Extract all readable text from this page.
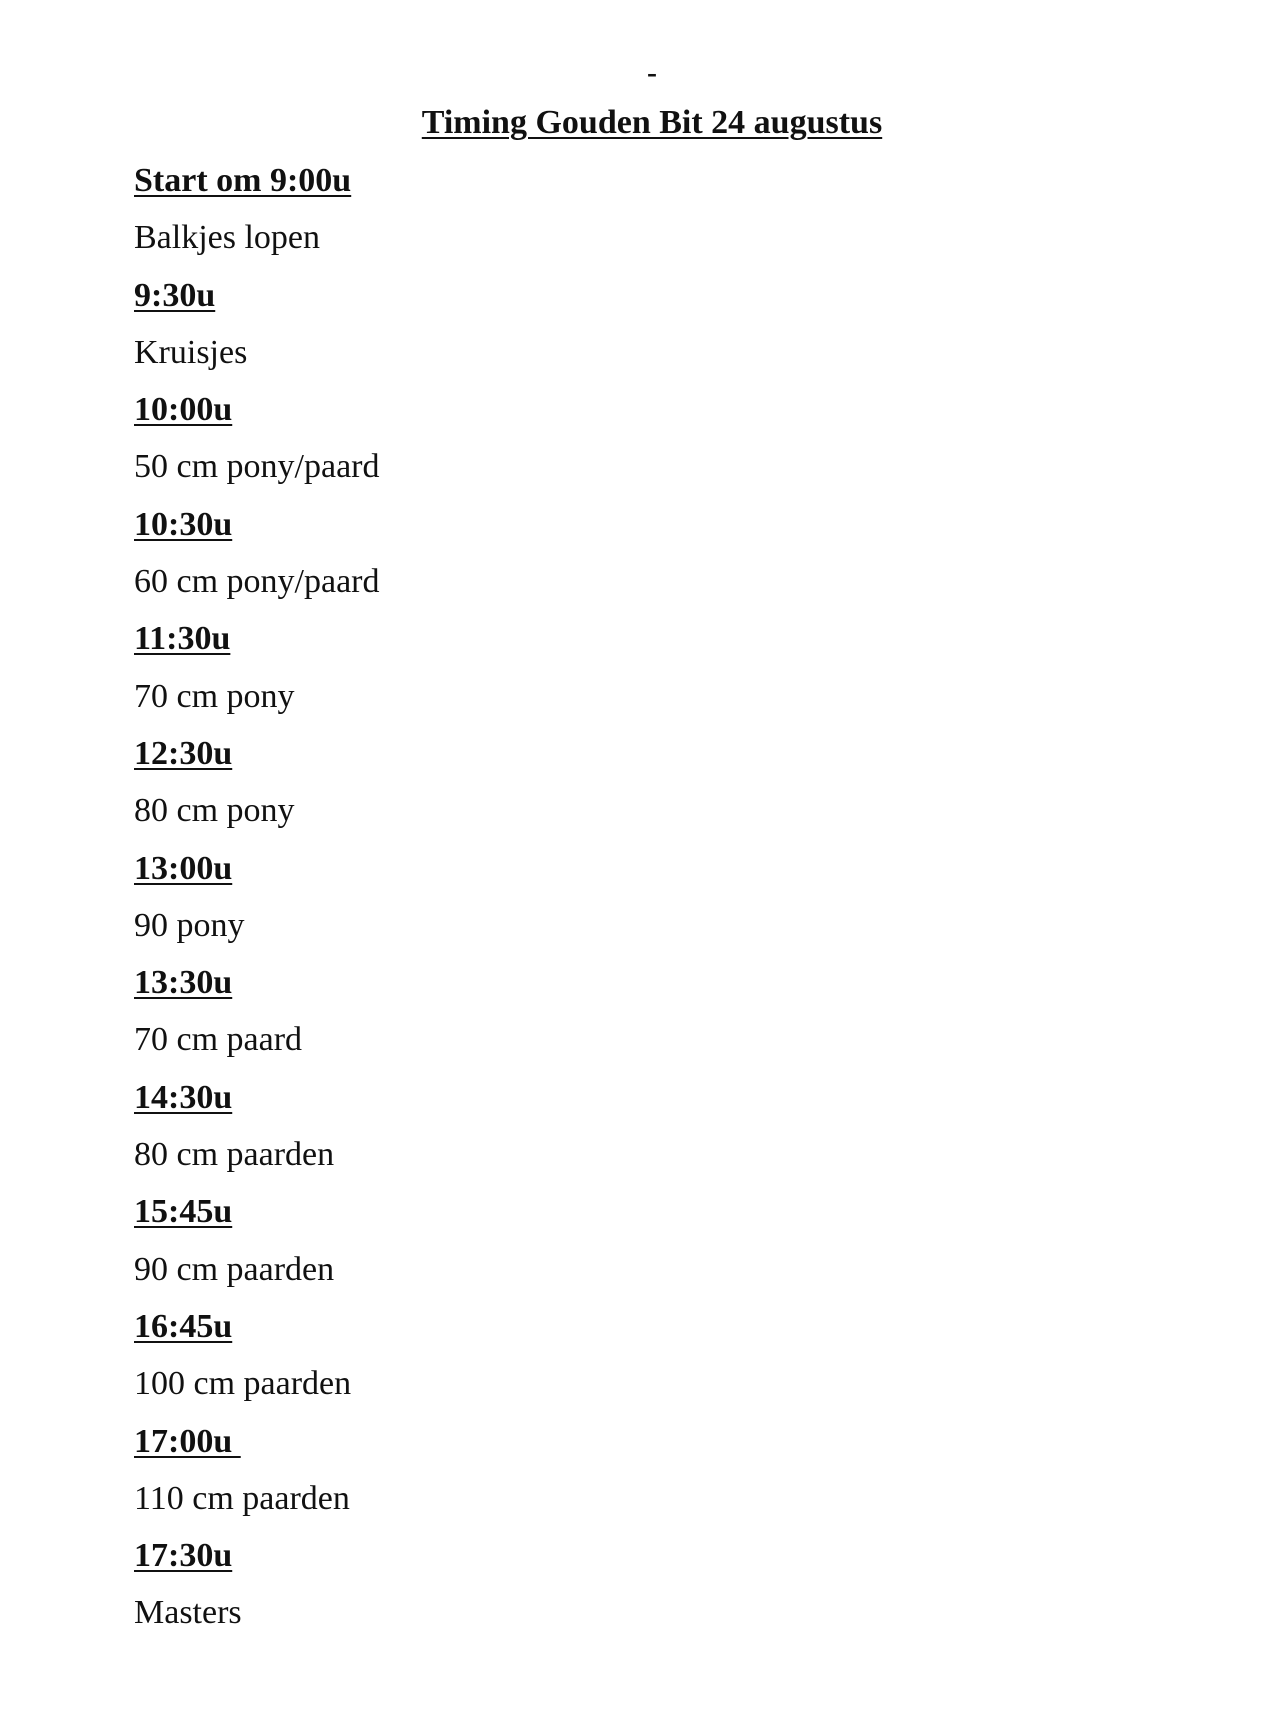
-
Timing Gouden Bit 24 augustus
Start om 9:00u
Balkjes lopen
9:30u
Kruisjes
10:00u
50 cm pony/paard
10:30u
60 cm pony/paard
11:30u
70 cm pony
12:30u
80 cm pony
13:00u
90 pony
13:30u
70 cm paard
14:30u
80 cm paarden
15:45u
90 cm paarden
16:45u
100 cm paarden
17:00u
110 cm paarden
17:30u
Masters
